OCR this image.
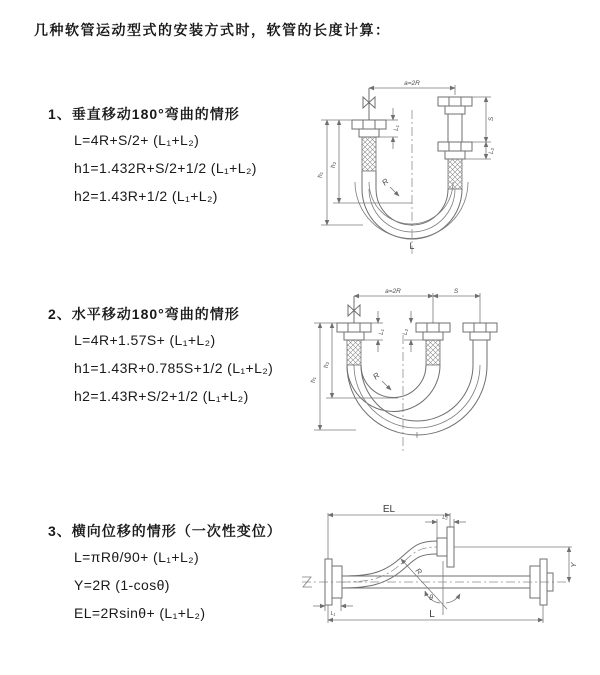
几种软管运动型式的安装方式时，软管的长度计算：
1、垂直移动180°弯曲的情形
L=4R+S/2+ (L₁+L₂)
h1=1.432R+S/2+1/2 (L₁+L₂)
h2=1.43R+1/2 (L₁+L₂)
2、水平移动180°弯曲的情形
L=4R+1.57S+ (L₁+L₂)
h1=1.43R+0.785S+1/2 (L₁+L₂)
h2=1.43R+S/2+1/2 (L₁+L₂)
3、横向位移的情形（一次性变位）
L=πRθ/90+ (L₁+L₂)
Y=2R (1-cosθ)
EL=2Rsinθ+ (L₁+L₂)
a=2R
h₁
h₂
L₁
S
L₂
R
L
a=2R	S
h₁
h₂
L₁	L₂
R
EL
L₂
Y
R
θ
L₁	L
